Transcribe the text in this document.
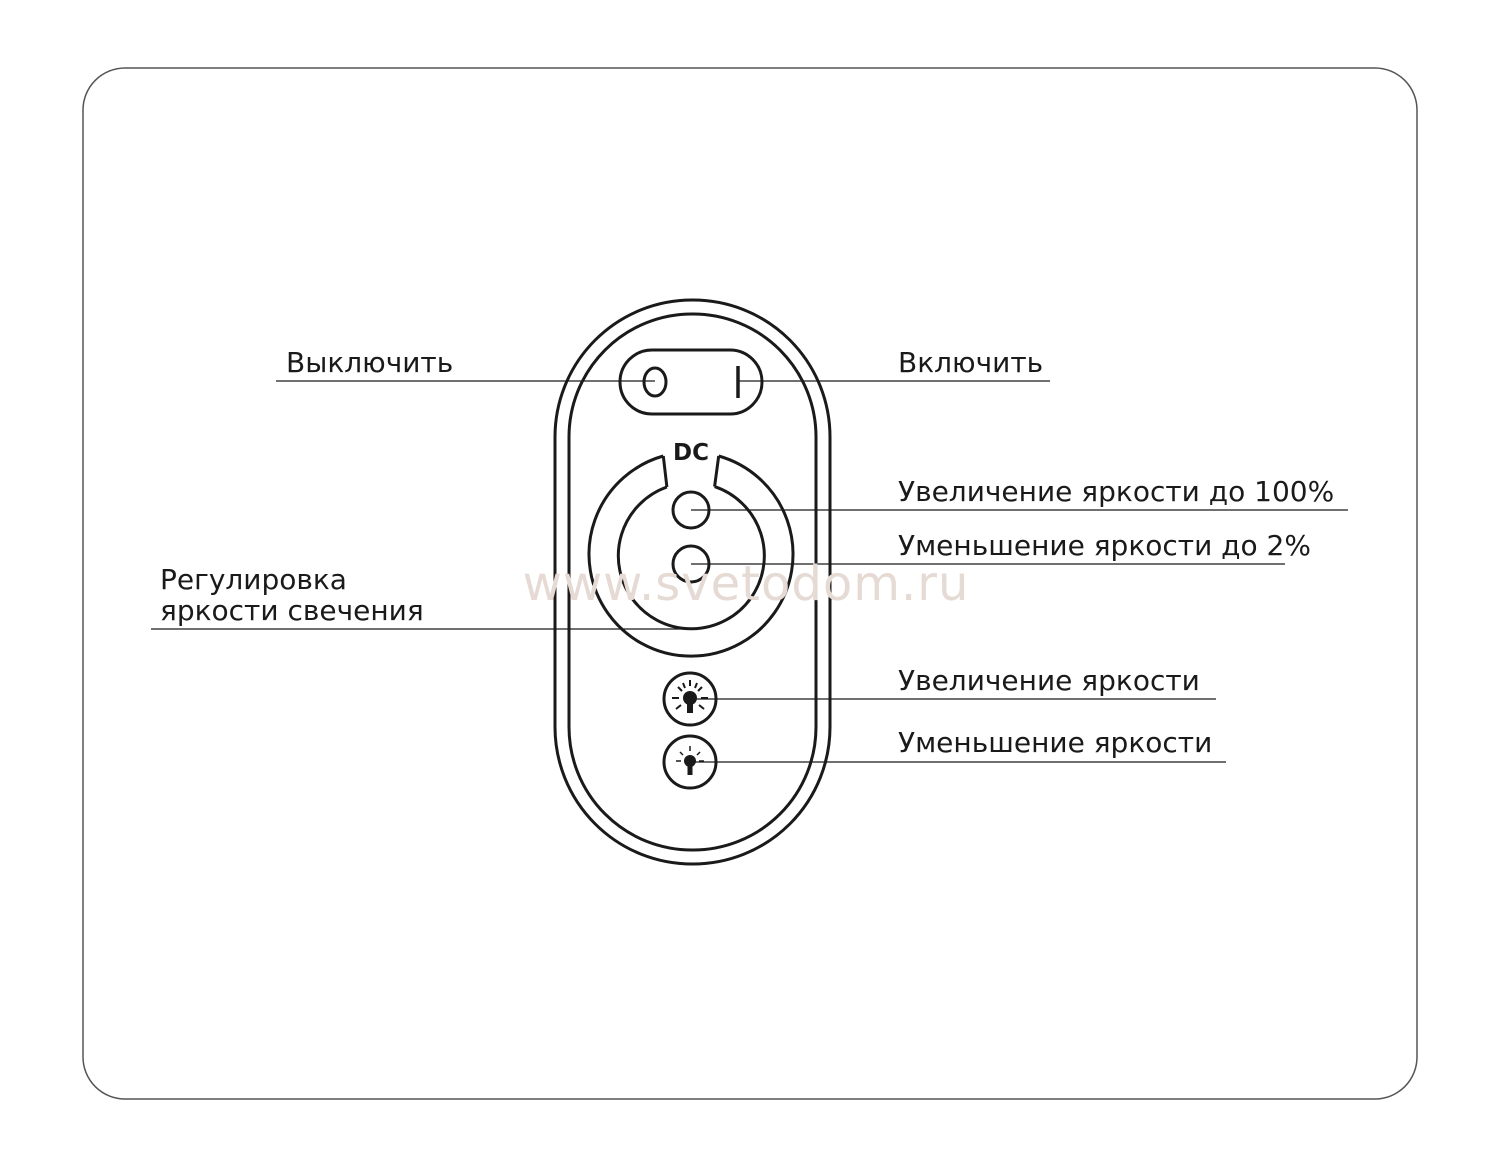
DC
Выключить	Включить
Увеличение яркости до 100%
Уменьшение яркости до 2%
Регулировка
яркости свечения
Увеличение яркости
Уменьшение яркости
www.svetodom.ru
